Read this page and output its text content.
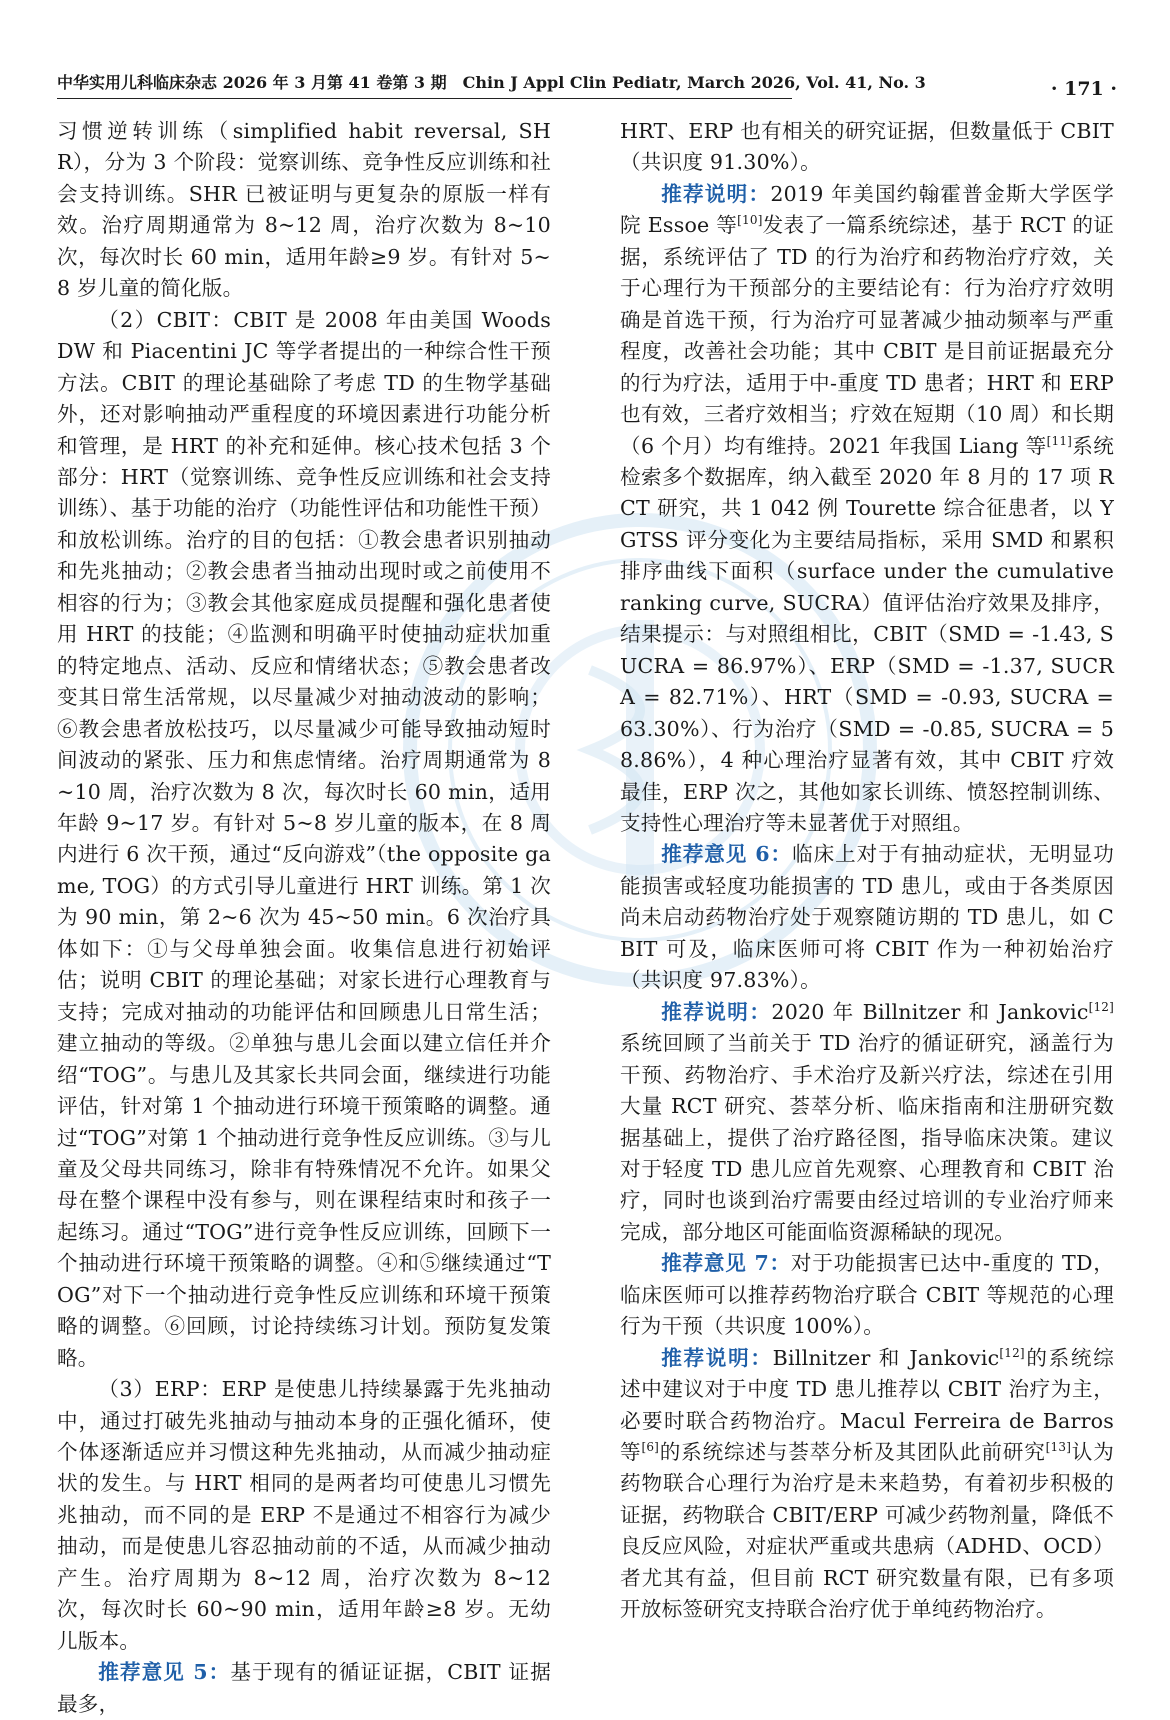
中华实用儿科临床杂志 2026 年 3 月第 41 卷第 3 期　Chin J Appl Clin Pediatr, March 2026, Vol. 41, No. 3	· 171 ·

习惯逆转训练（simplified habit reversal, SHR），分为 3 个阶段：觉察训练、竞争性反应训练和社会支持训练。SHR 已被证明与更复杂的原版一样有效。治疗周期通常为 8~12 周，治疗次数为 8~10 次，每次时长 60 min，适用年龄≥9 岁。有针对 5~8 岁儿童的简化版。

（2）CBIT：CBIT 是 2008 年由美国 Woods DW 和 Piacentini JC 等学者提出的一种综合性干预方法。CBIT 的理论基础除了考虑 TD 的生物学基础外，还对影响抽动严重程度的环境因素进行功能分析和管理，是 HRT 的补充和延伸。核心技术包括 3 个部分：HRT（觉察训练、竞争性反应训练和社会支持训练）、基于功能的治疗（功能性评估和功能性干预）和放松训练。治疗的目的包括：①教会患者识别抽动和先兆抽动；②教会患者当抽动出现时或之前使用不相容的行为；③教会其他家庭成员提醒和强化患者使用 HRT 的技能；④监测和明确平时使抽动症状加重的特定地点、活动、反应和情绪状态；⑤教会患者改变其日常生活常规，以尽量减少对抽动波动的影响；⑥教会患者放松技巧，以尽量减少可能导致抽动短时间波动的紧张、压力和焦虑情绪。治疗周期通常为 8~10 周，治疗次数为 8 次，每次时长 60 min，适用年龄 9~17 岁。有针对 5~8 岁儿童的版本，在 8 周内进行 6 次干预，通过“反向游戏”（the opposite game, TOG）的方式引导儿童进行 HRT 训练。第 1 次为 90 min，第 2~6 次为 45~50 min。6 次治疗具体如下：①与父母单独会面。收集信息进行初始评估；说明 CBIT 的理论基础；对家长进行心理教育与支持；完成对抽动的功能评估和回顾患儿日常生活；建立抽动的等级。②单独与患儿会面以建立信任并介绍“TOG”。与患儿及其家长共同会面，继续进行功能评估，针对第 1 个抽动进行环境干预策略的调整。通过“TOG”对第 1 个抽动进行竞争性反应训练。③与儿童及父母共同练习，除非有特殊情况不允许。如果父母在整个课程中没有参与，则在课程结束时和孩子一起练习。通过“TOG”进行竞争性反应训练，回顾下一个抽动进行环境干预策略的调整。④和⑤继续通过“TOG”对下一个抽动进行竞争性反应训练和环境干预策略的调整。⑥回顾，讨论持续练习计划。预防复发策略。

（3）ERP：ERP 是使患儿持续暴露于先兆抽动中，通过打破先兆抽动与抽动本身的正强化循环，使个体逐渐适应并习惯这种先兆抽动，从而减少抽动症状的发生。与 HRT 相同的是两者均可使患儿习惯先兆抽动，而不同的是 ERP 不是通过不相容行为减少抽动，而是使患儿容忍抽动前的不适，从而减少抽动产生。治疗周期为 8~12 周，治疗次数为 8~12 次，每次时长 60~90 min，适用年龄≥8 岁。无幼儿版本。

推荐意见 5：基于现有的循证证据，CBIT 证据最多，

HRT、ERP 也有相关的研究证据，但数量低于 CBIT（共识度 91.30%）。

推荐说明：2019 年美国约翰霍普金斯大学医学院 Essoe 等[10]发表了一篇系统综述，基于 RCT 的证据，系统评估了 TD 的行为治疗和药物治疗疗效，关于心理行为干预部分的主要结论有：行为治疗疗效明确是首选干预，行为治疗可显著减少抽动频率与严重程度，改善社会功能；其中 CBIT 是目前证据最充分的行为疗法，适用于中-重度 TD 患者；HRT 和 ERP 也有效，三者疗效相当；疗效在短期（10 周）和长期（6 个月）均有维持。2021 年我国 Liang 等[11]系统检索多个数据库，纳入截至 2020 年 8 月的 17 项 RCT 研究，共 1 042 例 Tourette 综合征患者，以 YGTSS 评分变化为主要结局指标，采用 SMD 和累积排序曲线下面积（surface under the cumulative ranking curve, SUCRA）值评估治疗效果及排序，结果提示：与对照组相比，CBIT（SMD = -1.43, SUCRA = 86.97%）、ERP（SMD = -1.37, SUCRA = 82.71%）、HRT（SMD = -0.93, SUCRA = 63.30%）、行为治疗（SMD = -0.85, SUCRA = 58.86%），4 种心理治疗显著有效，其中 CBIT 疗效最佳，ERP 次之，其他如家长训练、愤怒控制训练、支持性心理治疗等未显著优于对照组。

推荐意见 6：临床上对于有抽动症状，无明显功能损害或轻度功能损害的 TD 患儿，或由于各类原因尚未启动药物治疗处于观察随访期的 TD 患儿，如 CBIT 可及，临床医师可将 CBIT 作为一种初始治疗（共识度 97.83%）。

推荐说明：2020 年 Billnitzer 和 Jankovic[12]系统回顾了当前关于 TD 治疗的循证研究，涵盖行为干预、药物治疗、手术治疗及新兴疗法，综述在引用大量 RCT 研究、荟萃分析、临床指南和注册研究数据基础上，提供了治疗路径图，指导临床决策。建议对于轻度 TD 患儿应首先观察、心理教育和 CBIT 治疗，同时也谈到治疗需要由经过培训的专业治疗师来完成，部分地区可能面临资源稀缺的现况。

推荐意见 7：对于功能损害已达中-重度的 TD，临床医师可以推荐药物治疗联合 CBIT 等规范的心理行为干预（共识度 100%）。

推荐说明：Billnitzer 和 Jankovic[12]的系统综述中建议对于中度 TD 患儿推荐以 CBIT 治疗为主，必要时联合药物治疗。Macul Ferreira de Barros 等[6]的系统综述与荟萃分析及其团队此前研究[13]认为药物联合心理行为治疗是未来趋势，有着初步积极的证据，药物联合 CBIT/ERP 可减少药物剂量，降低不良反应风险，对症状严重或共患病（ADHD、OCD）者尤其有益，但目前 RCT 研究数量有限，已有多项开放标签研究支持联合治疗优于单纯药物治疗。
